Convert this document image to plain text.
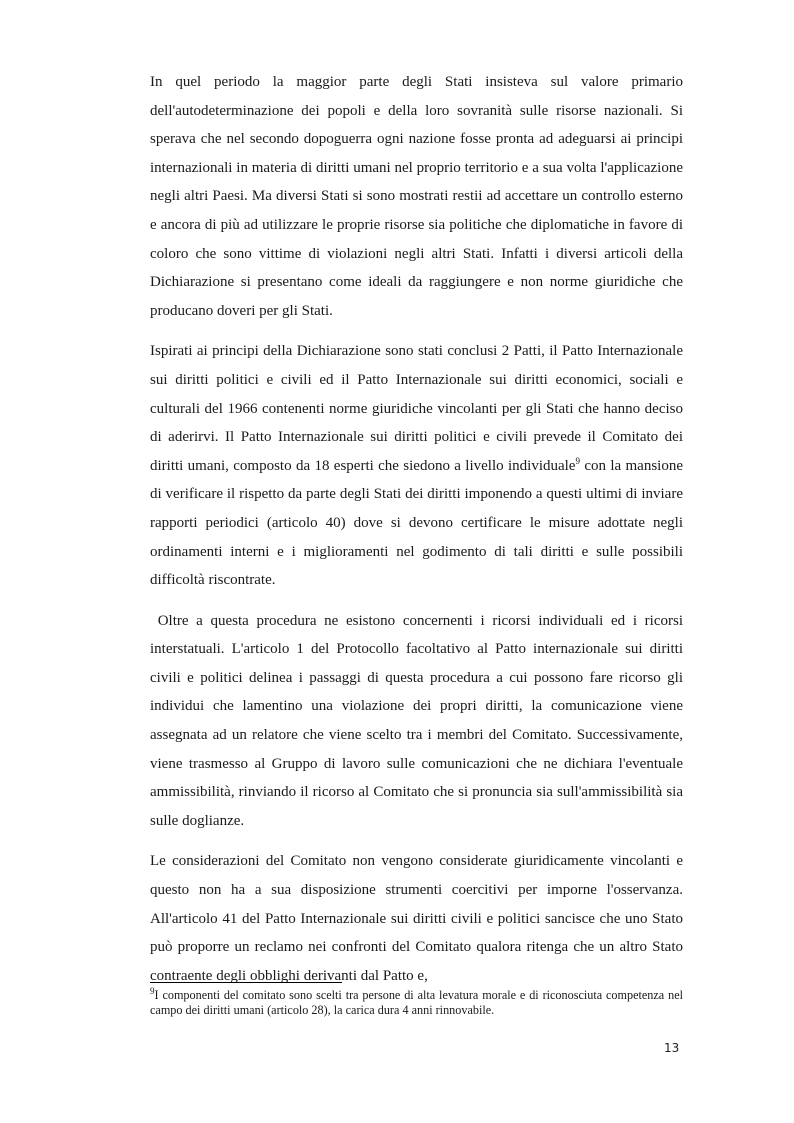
In quel periodo la maggior parte degli Stati insisteva sul valore primario dell'autodeterminazione dei popoli e della loro sovranità sulle risorse nazionali. Si sperava che nel secondo dopoguerra ogni nazione fosse pronta ad adeguarsi ai principi internazionali in materia di diritti umani nel proprio territorio e a sua volta l'applicazione negli altri Paesi. Ma diversi Stati si sono mostrati restii ad accettare un controllo esterno e ancora di più ad utilizzare le proprie risorse sia politiche che diplomatiche in favore di coloro che sono vittime di violazioni negli altri Stati. Infatti i diversi articoli della Dichiarazione si presentano come ideali da raggiungere e non norme giuridiche che producano doveri per gli Stati.

Ispirati ai principi della Dichiarazione sono stati conclusi 2 Patti, il Patto Internazionale sui diritti politici e civili ed il Patto Internazionale sui diritti economici, sociali e culturali del 1966 contenenti norme giuridiche vincolanti per gli Stati che hanno deciso di aderirvi. Il Patto Internazionale sui diritti politici e civili prevede il Comitato dei diritti umani, composto da 18 esperti che siedono a livello individuale$^9$ con la mansione di verificare il rispetto da parte degli Stati dei diritti imponendo a questi ultimi di inviare rapporti periodici (articolo 40) dove si devono certificare le misure adottate negli ordinamenti interni e i miglioramenti nel godimento di tali diritti e sulle possibili difficoltà riscontrate.

Oltre a questa procedura ne esistono concernenti i ricorsi individuali ed i ricorsi interstatuali. L'articolo 1 del Protocollo facoltativo al Patto internazionale sui diritti civili e politici delinea i passaggi di questa procedura a cui possono fare ricorso gli individui che lamentino una violazione dei propri diritti, la comunicazione viene assegnata ad un relatore che viene scelto tra i membri del Comitato. Successivamente, viene trasmesso al Gruppo di lavoro sulle comunicazioni che ne dichiara l'eventuale ammissibilità, rinviando il ricorso al Comitato che si pronuncia sia sull'ammissibilità sia sulle doglianze.

Le considerazioni del Comitato non vengono considerate giuridicamente vincolanti e questo non ha a sua disposizione strumenti coercitivi per imporne l'osservanza. All'articolo 41 del Patto Internazionale sui diritti civili e politici sancisce che uno Stato può proporre un reclamo nei confronti del Comitato qualora ritenga che un altro Stato contraente degli obblighi derivanti dal Patto e,

$^9$I componenti del comitato sono scelti tra persone di alta levatura morale e di riconosciuta competenza nel campo dei diritti umani (articolo 28), la carica dura 4 anni rinnovabile.

13
